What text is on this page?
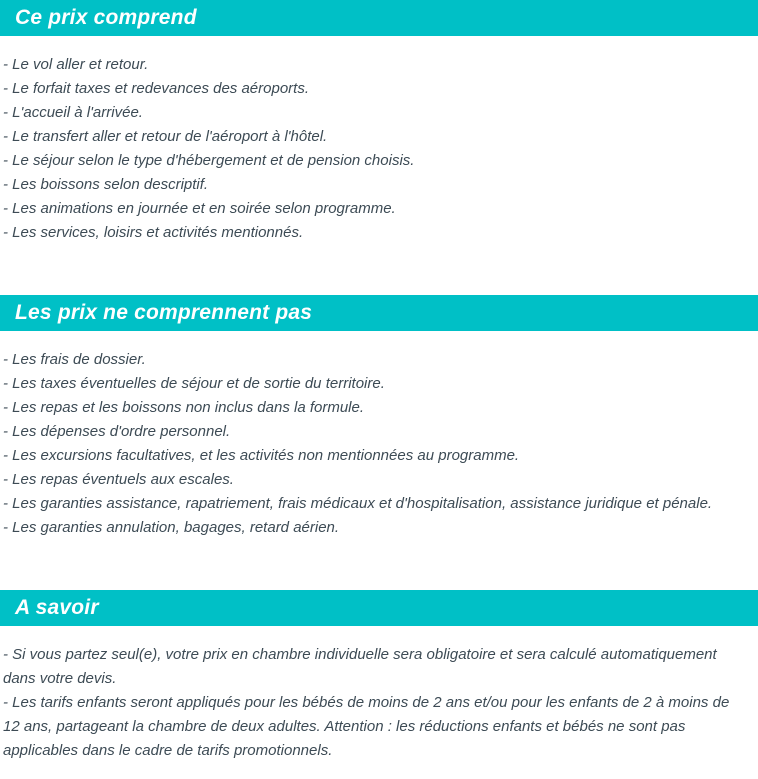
Ce prix comprend
- Le vol aller et retour.
- Le forfait taxes et redevances des aéroports.
- L'accueil à l'arrivée.
- Le transfert aller et retour de l'aéroport à l'hôtel.
- Le séjour selon le type d'hébergement et de pension choisis.
- Les boissons selon descriptif.
- Les animations en journée et en soirée selon programme.
- Les services, loisirs et activités mentionnés.
Les prix ne comprennent pas
- Les frais de dossier.
- Les taxes éventuelles de séjour et de sortie du territoire.
- Les repas et les boissons non inclus dans la formule.
- Les dépenses d'ordre personnel.
- Les excursions facultatives, et les activités non mentionnées au programme.
- Les repas éventuels aux escales.
- Les garanties assistance, rapatriement, frais médicaux et d'hospitalisation, assistance juridique et pénale.
- Les garanties annulation, bagages, retard aérien.
A savoir
- Si vous partez seul(e), votre prix en chambre individuelle sera obligatoire et sera calculé automatiquement dans votre devis.
- Les tarifs enfants seront appliqués pour les bébés de moins de 2 ans et/ou pour les enfants de 2 à moins de 12 ans, partageant la chambre de deux adultes. Attention : les réductions enfants et bébés ne sont pas applicables dans le cadre de tarifs promotionnels.
